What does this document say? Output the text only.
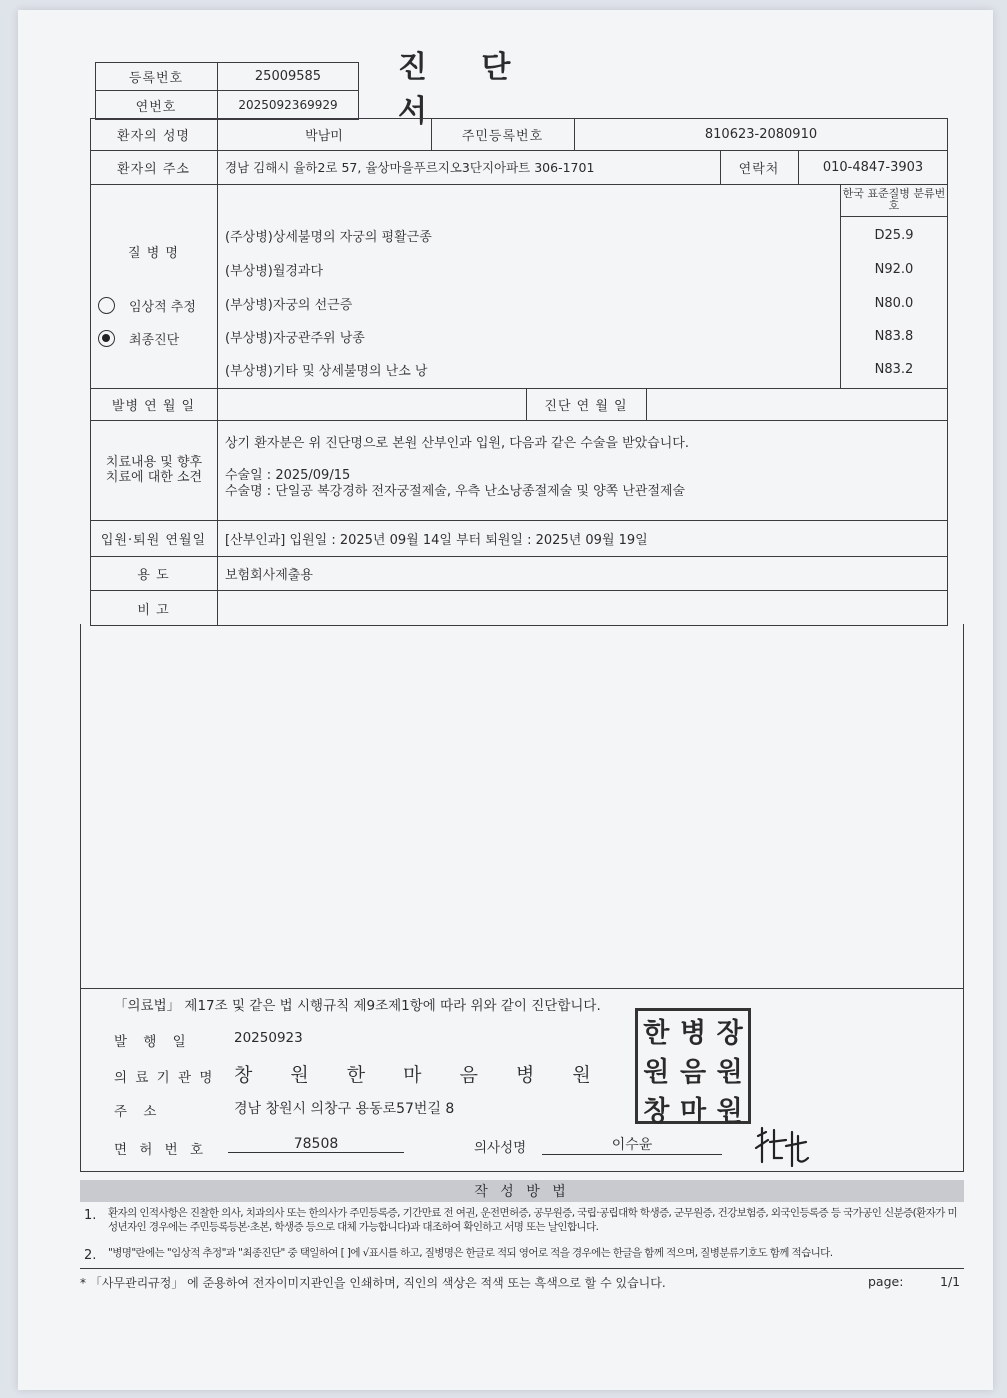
등록번호	25009585
연번호	2025092369929
진 단 서
환자의 성명	박남미	주민등록번호	810623-2080910
환자의 주소	경남 김해시 율하2로 57, 율상마을푸르지오3단지아파트 306-1701	연락처	010-4847-3903
한국 표준질병 분류번호
질 병 명
임상적 추정
최종진단
(주상병)상세불명의 자궁의 평활근종	D25.9
(부상병)월경과다	N92.0
(부상병)자궁의 선근증	N80.0
(부상병)자궁관주위 낭종	N83.8
(부상병)기타 및 상세불명의 난소 낭	N83.2
발병 연 월 일	진단 연 월 일
치료내용 및 향후 치료에 대한 소견
상기 환자분은 위 진단명으로 본원 산부인과 입원, 다음과 같은 수술을 받았습니다.
수술일 : 2025/09/15
수술명 : 단일공 복강경하 전자궁절제술, 우측 난소낭종절제술 및 양쪽 난관절제술
입원·퇴원 연월일	[산부인과] 입원일 : 2025년 09월 14일 부터 퇴원일 : 2025년 09월 19일
용 도	보험회사제출용
비 고
「의료법」 제17조 및 같은 법 시행규칙 제9조제1항에 따라 위와 같이 진단합니다.
발 행 일	20250923
의 료 기 관 명	창 원 한 마 음 병 원
주 소	경남 창원시 의창구 용동로57번길 8
면 허 번 호	78508	의사성명	이수윤
한 병 장
원 음 원
창 마 원
작 성 방 법
1.	환자의 인적사항은 진찰한 의사, 치과의사 또는 한의사가 주민등록증, 기간만료 전 여권, 운전면허증, 공무원증, 국립·공립대학 학생증, 군무원증, 건강보험증, 외국인등록증 등 국가공인 신분증(환자가 미성년자인 경우에는 주민등록등본·초본, 학생증 등으로 대체 가능합니다)과 대조하여 확인하고 서명 또는 날인합니다.
2.	"병명"란에는 "임상적 추정"과 "최종진단" 중 택일하여 [ ]에 √표시를 하고, 질병명은 한글로 적되 영어로 적을 경우에는 한글을 함께 적으며, 질병분류기호도 함께 적습니다.
* 「사무관리규정」 에 준용하여 전자이미지관인을 인쇄하며, 직인의 색상은 적색 또는 흑색으로 할 수 있습니다.	page:	1/1
